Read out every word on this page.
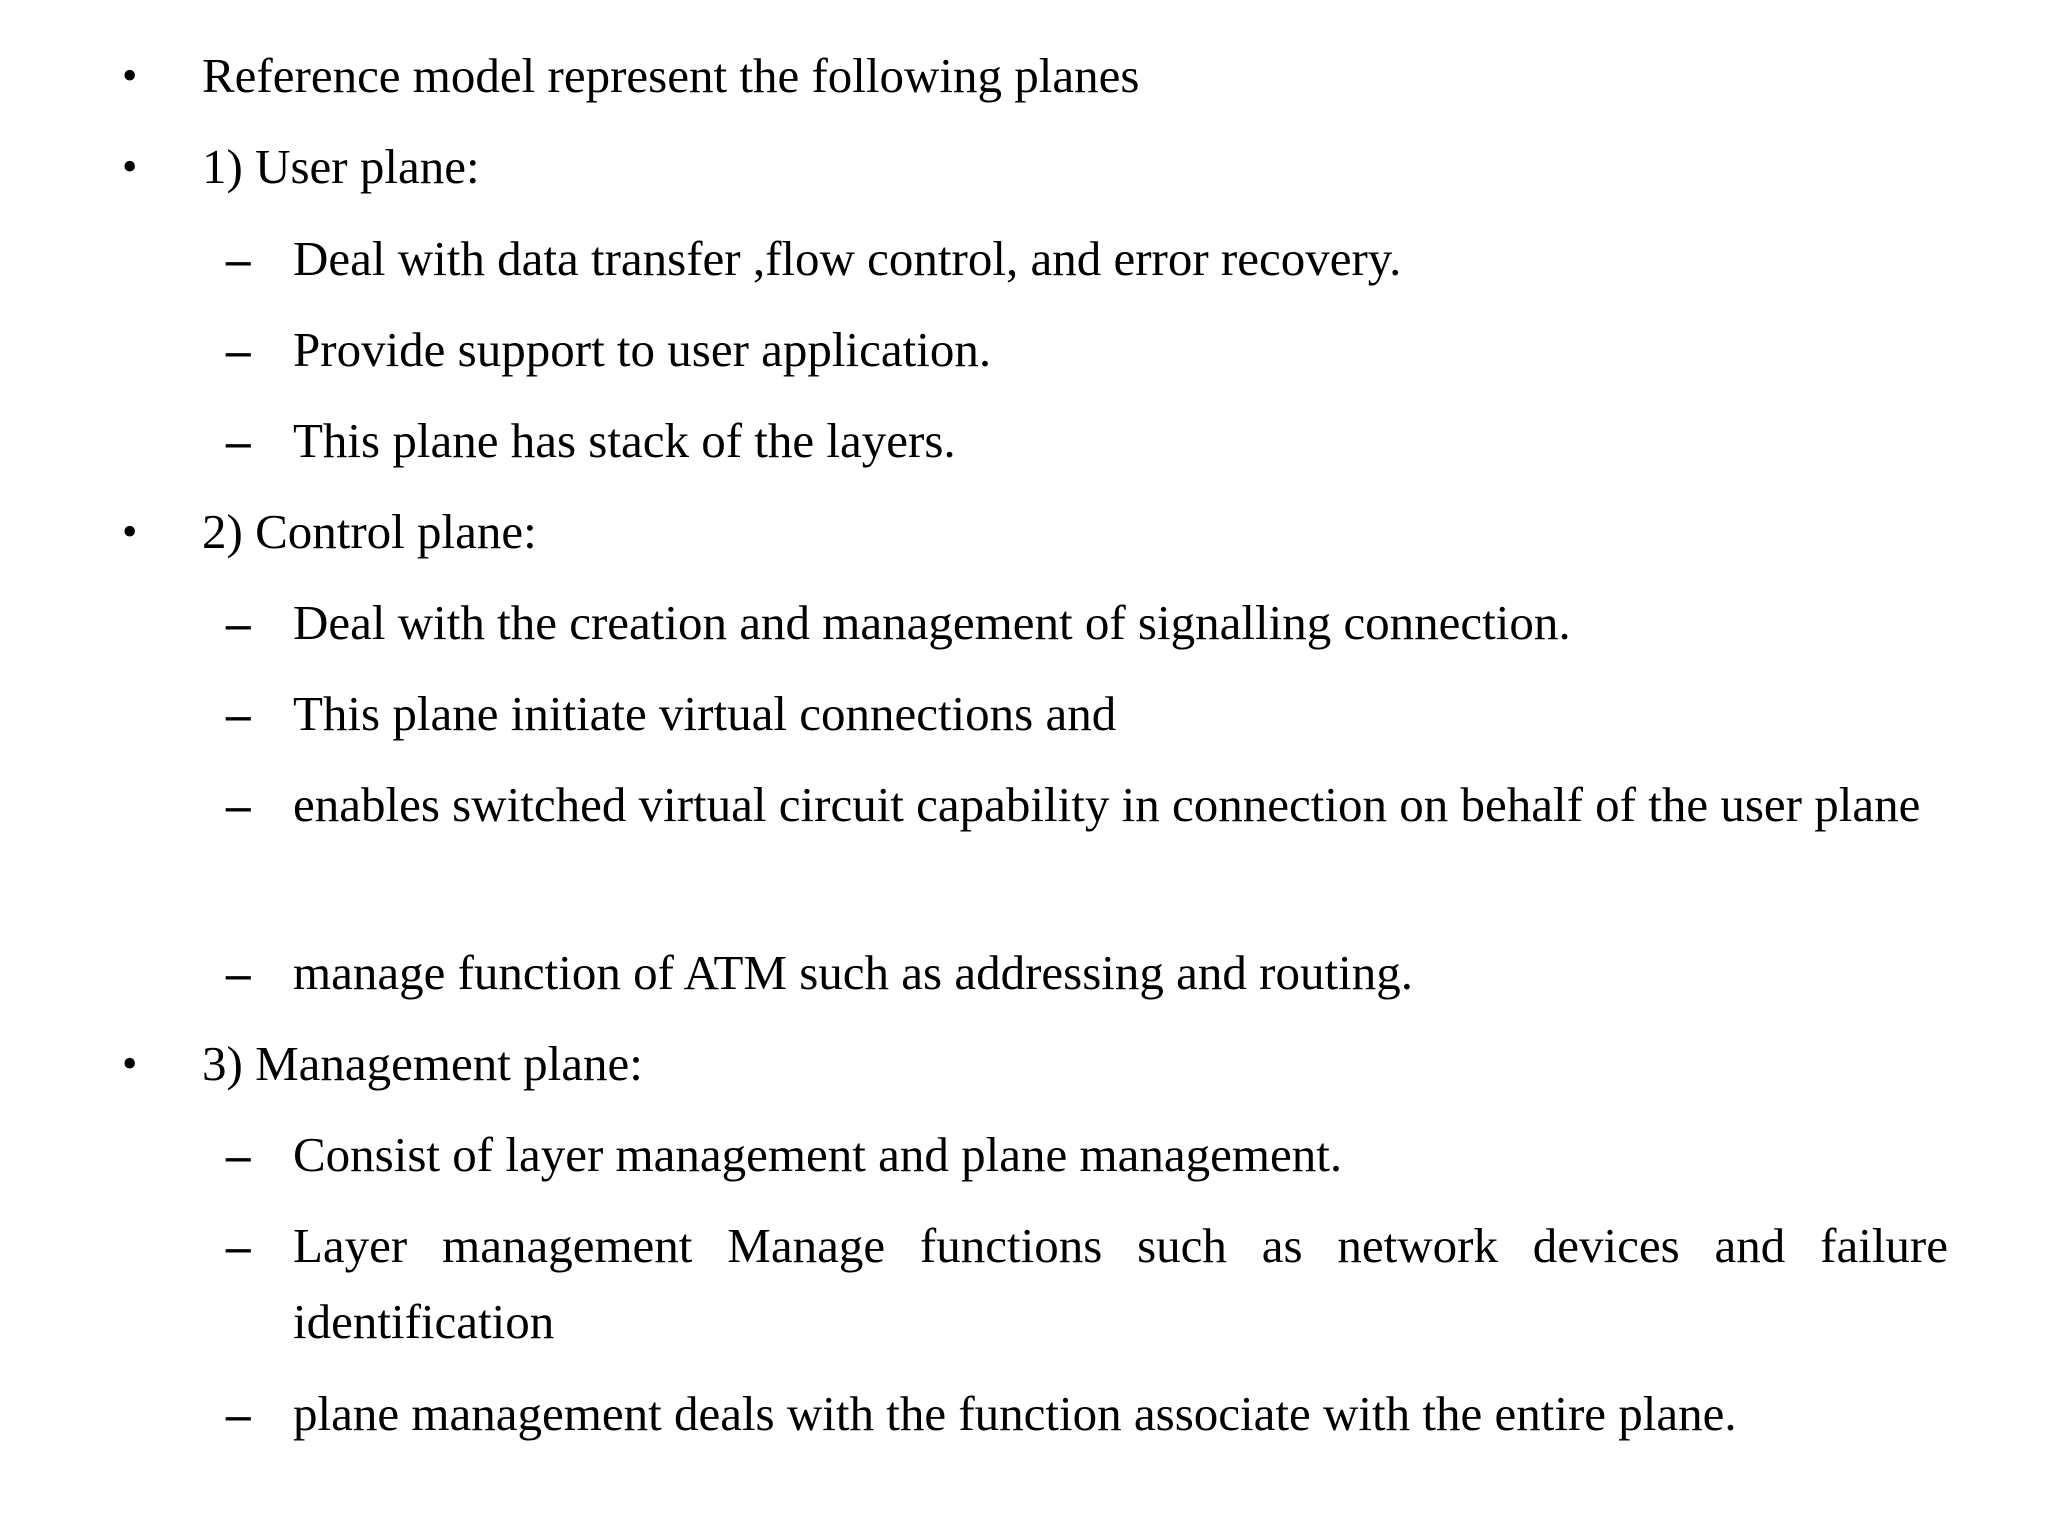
• Reference model represent the following planes
• 1) User plane:
– Deal with data transfer ,flow control, and error recovery.
– Provide support to user application.
– This plane has stack of the layers.
• 2) Control plane:
– Deal with the creation and management of signalling connection.
– This plane initiate virtual connections and
– enables switched virtual circuit capability in connection on behalf of the user plane
– manage function of ATM such as addressing and routing.
• 3) Management plane:
– Consist of layer management and plane management.
– Layer management Manage functions such as network devices and failure identification
– plane management deals with the function associate with the entire plane.
